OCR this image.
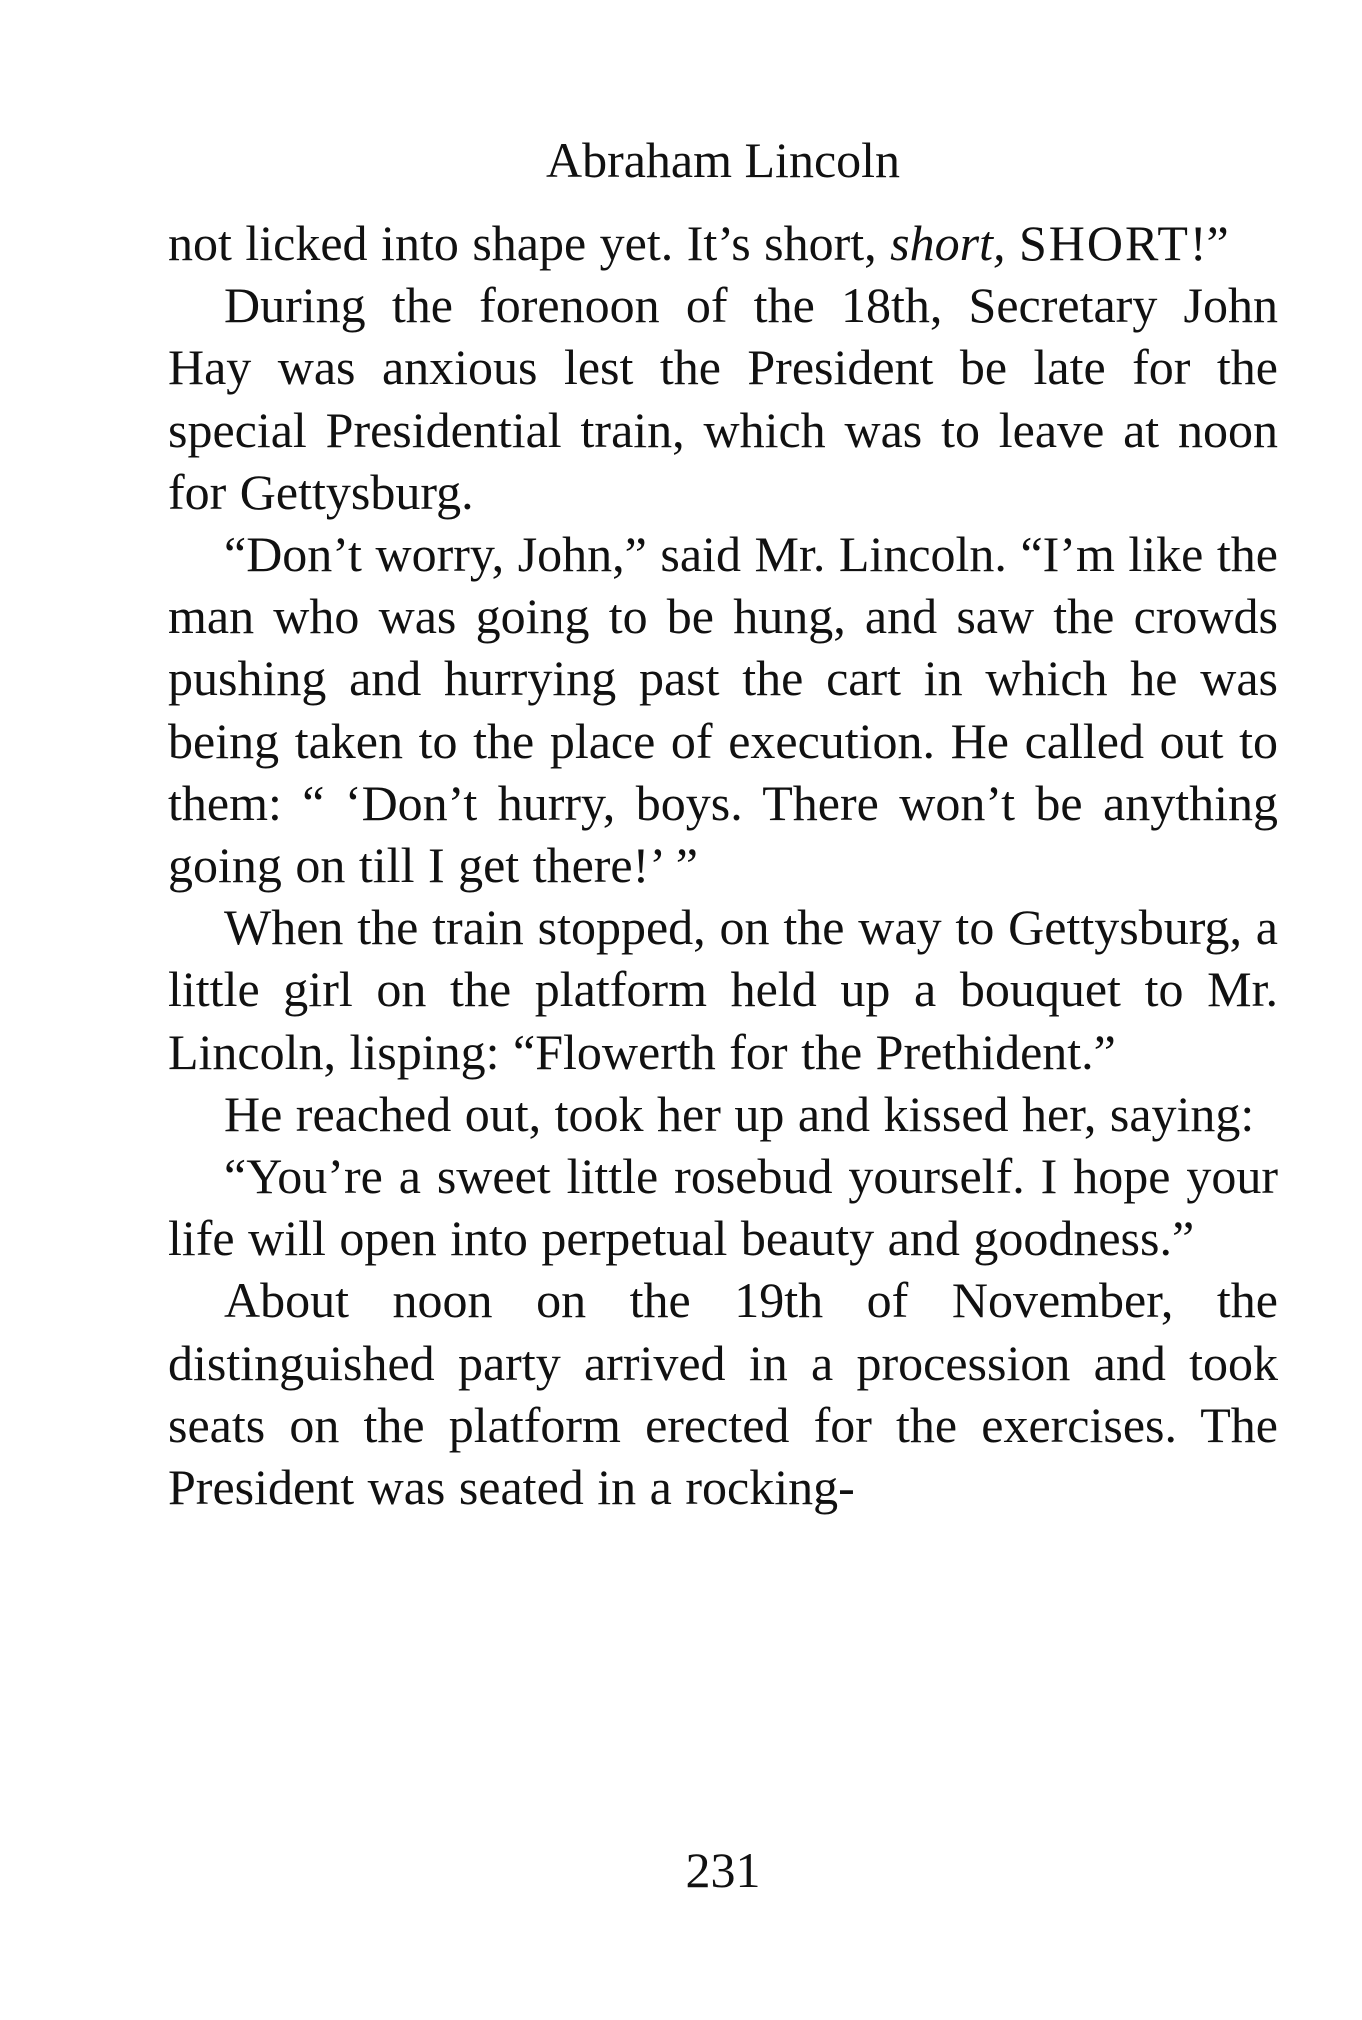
Abraham Lincoln

not licked into shape yet. It’s short, short, SHORT!”

During the forenoon of the 18th, Secretary John Hay was anxious lest the President be late for the special Presidential train, which was to leave at noon for Gettysburg.

“Don’t worry, John,” said Mr. Lincoln. “I’m like the man who was going to be hung, and saw the crowds pushing and hurrying past the cart in which he was being taken to the place of execution. He called out to them: “ ‘Don’t hurry, boys. There won’t be anything going on till I get there!’ ”

When the train stopped, on the way to Gettysburg, a little girl on the platform held up a bouquet to Mr. Lincoln, lisping: “Flowerth for the Prethident.”

He reached out, took her up and kissed her, saying:

“You’re a sweet little rosebud yourself. I hope your life will open into perpetual beauty and goodness.”

About noon on the 19th of November, the distinguished party arrived in a procession and took seats on the platform erected for the exercises. The President was seated in a rocking-

231
